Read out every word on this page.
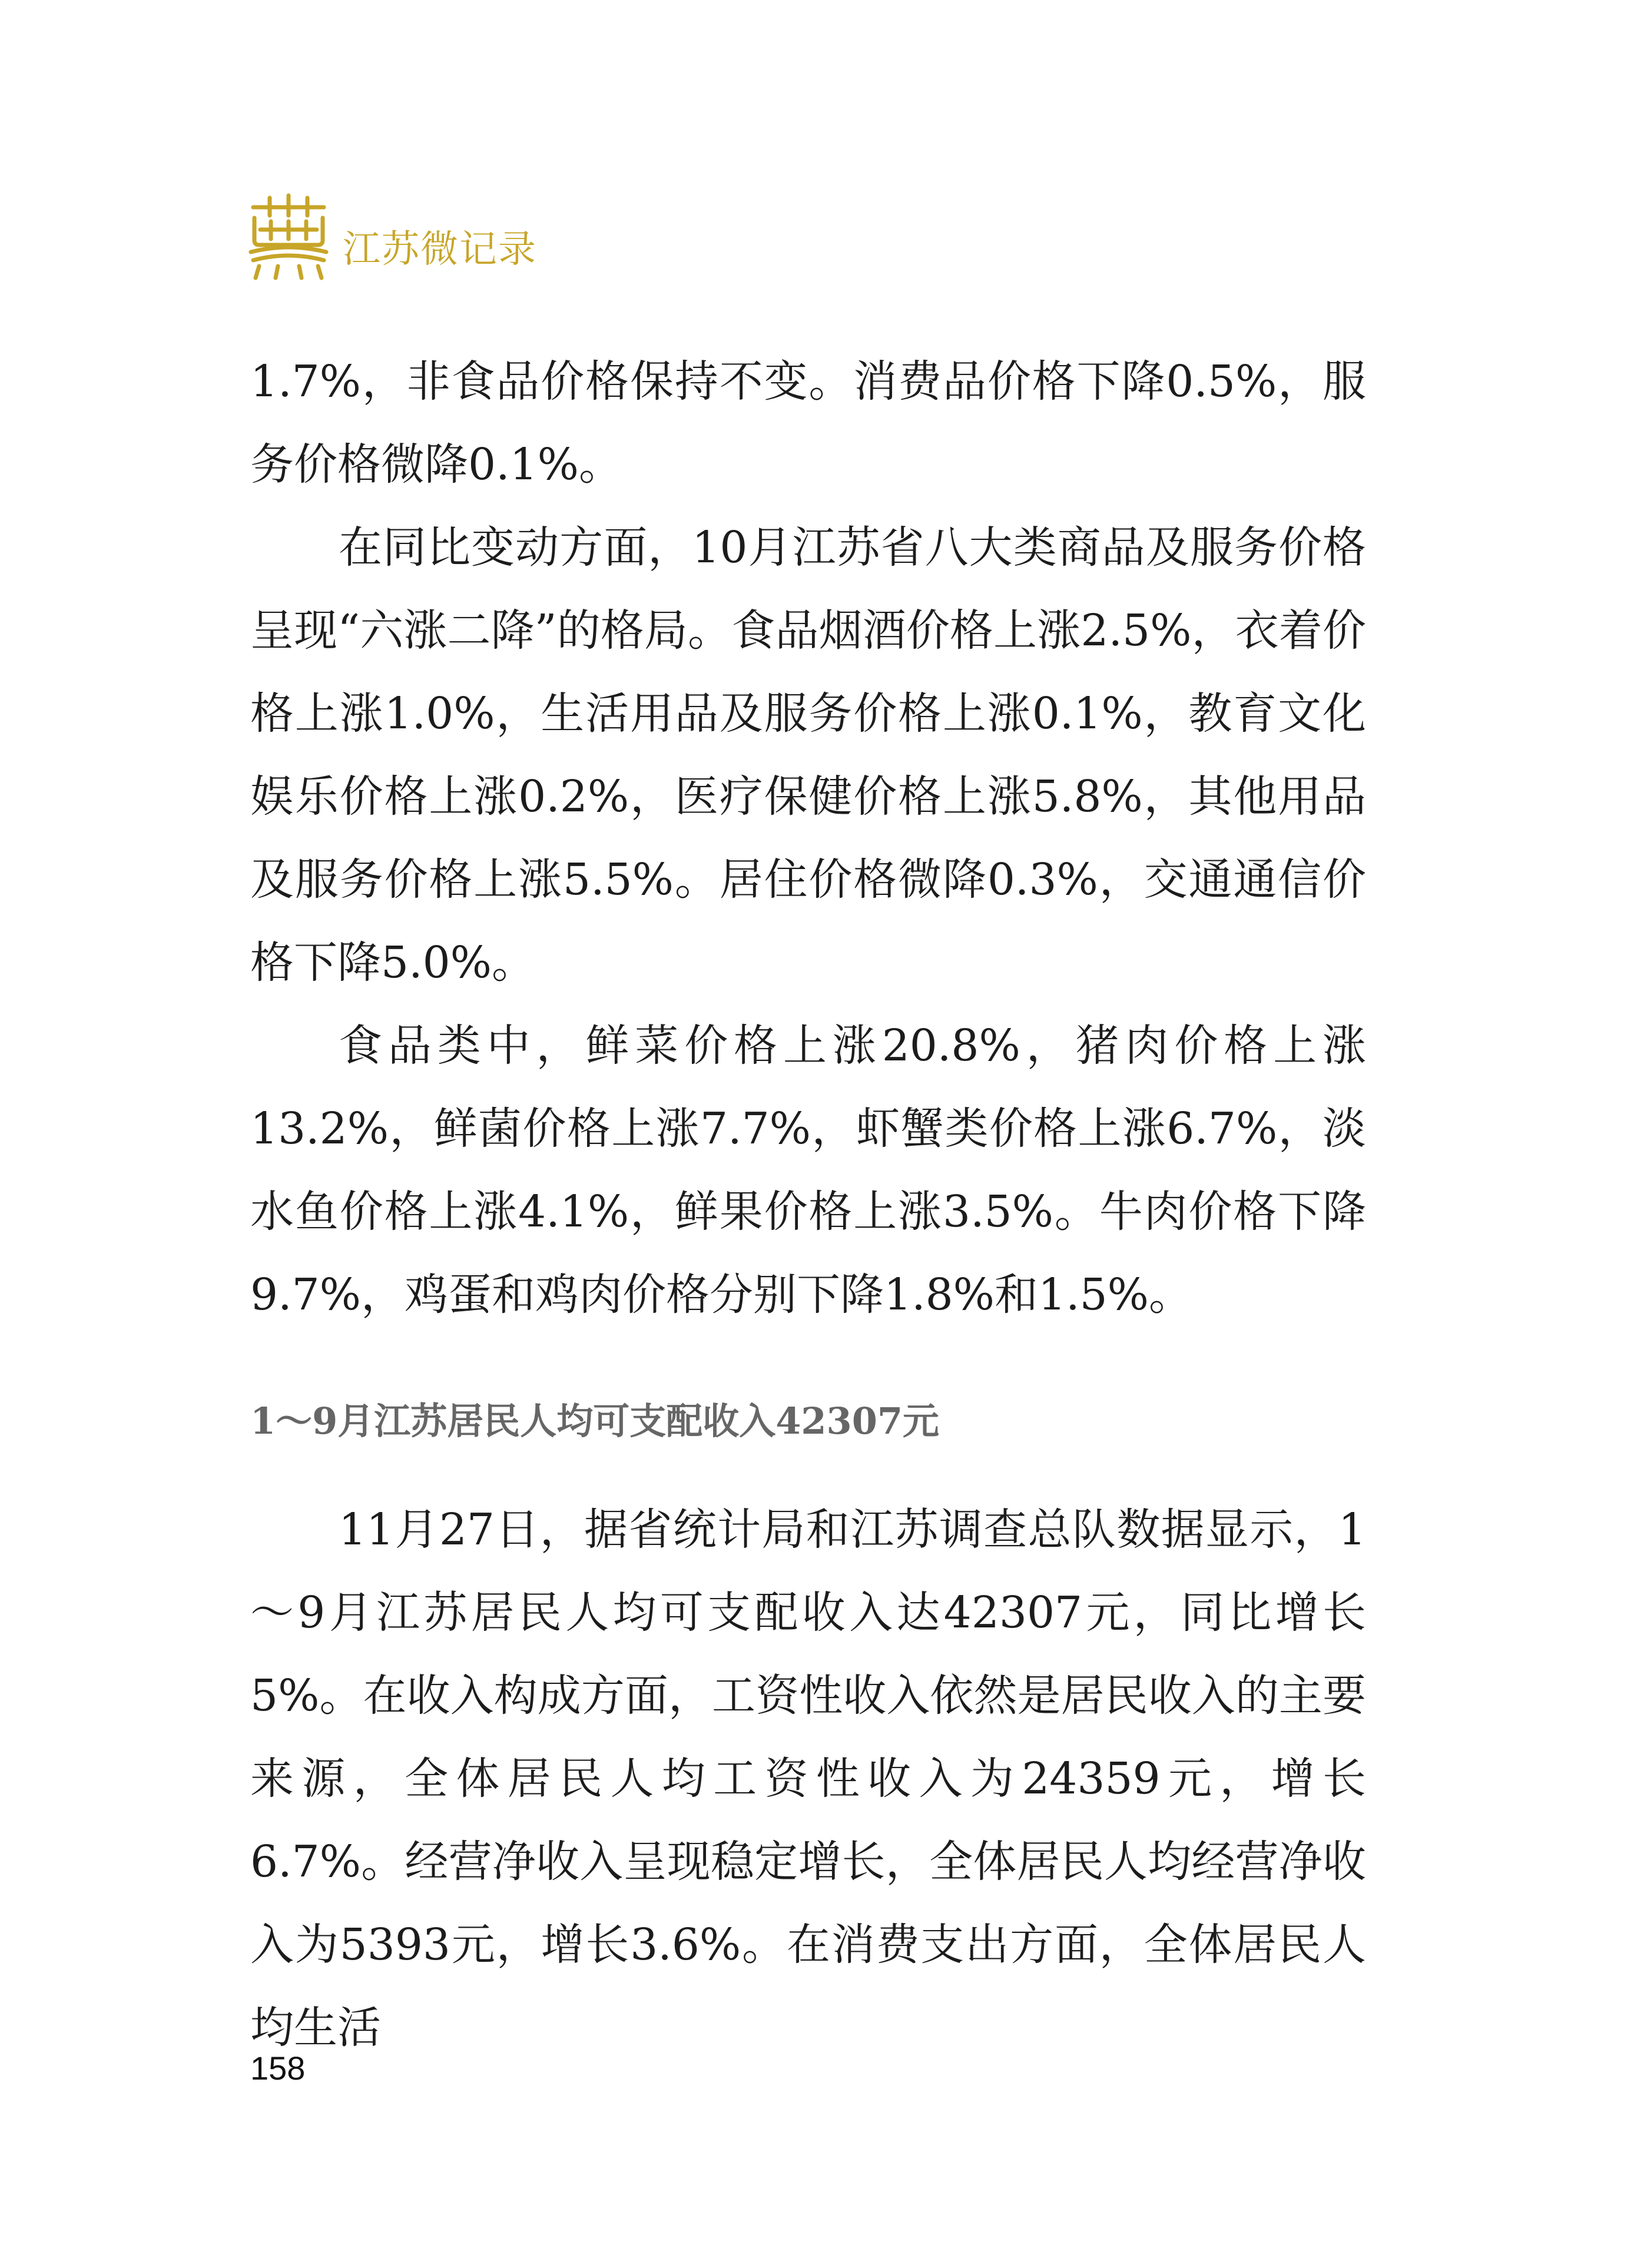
江苏微记录

1.7%，非食品价格保持不变。消费品价格下降0.5%，服务价格微降0.1%。

在同比变动方面，10月江苏省八大类商品及服务价格呈现“六涨二降”的格局。食品烟酒价格上涨2.5%，衣着价格上涨1.0%，生活用品及服务价格上涨0.1%，教育文化娱乐价格上涨0.2%，医疗保健价格上涨5.8%，其他用品及服务价格上涨5.5%。居住价格微降0.3%，交通通信价格下降5.0%。

食品类中，鲜菜价格上涨20.8%，猪肉价格上涨13.2%，鲜菌价格上涨7.7%，虾蟹类价格上涨6.7%，淡水鱼价格上涨4.1%，鲜果价格上涨3.5%。牛肉价格下降9.7%，鸡蛋和鸡肉价格分别下降1.8%和1.5%。

1～9月江苏居民人均可支配收入42307元

11月27日，据省统计局和江苏调查总队数据显示，1～9月江苏居民人均可支配收入达42307元，同比增长5%。在收入构成方面，工资性收入依然是居民收入的主要来源，全体居民人均工资性收入为24359元，增长6.7%。经营净收入呈现稳定增长，全体居民人均经营净收入为5393元，增长3.6%。在消费支出方面，全体居民人均生活

158
